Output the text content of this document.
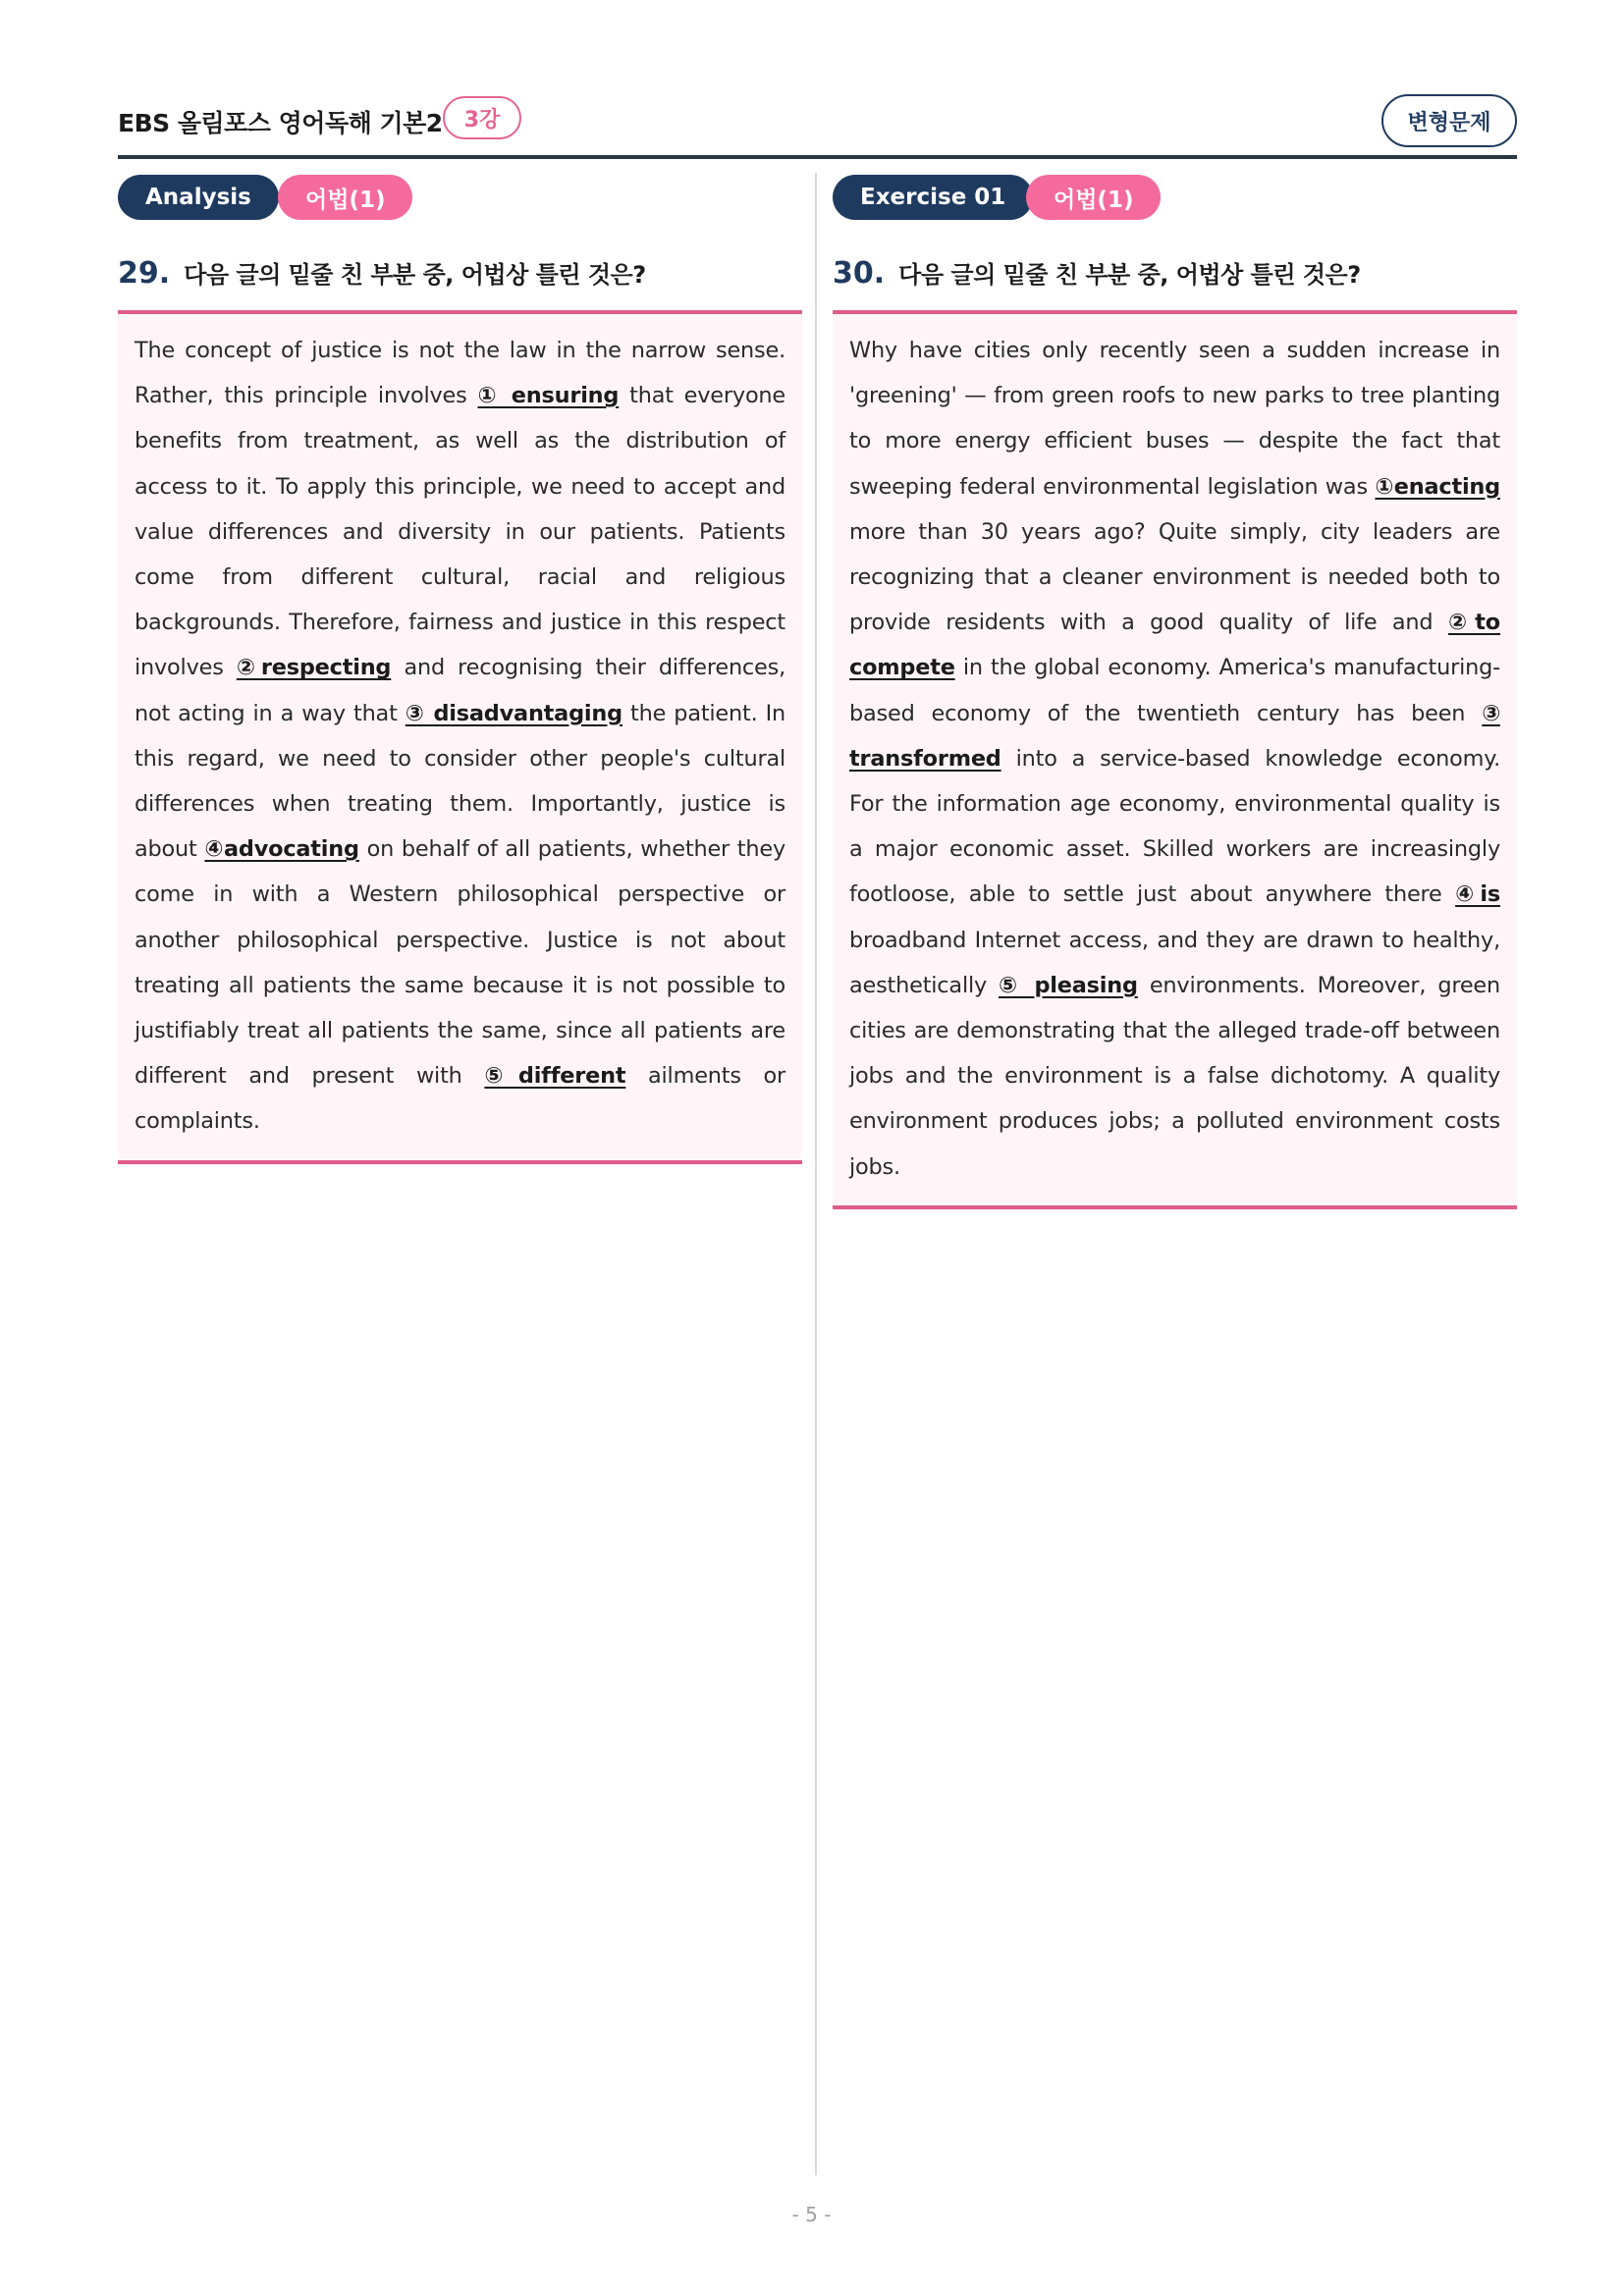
EBS 올림포스 영어독해 기본2	3강	변형문제
Analysis	어법(1)
29. 다음 글의 밑줄 친 부분 중, 어법상 틀린 것은?

The concept of justice is not the law in the narrow sense. Rather, this principle involves ① ensuring that everyone benefits from treatment, as well as the distribution of access to it. To apply this principle, we need to accept and value differences and diversity in our patients. Patients come from different cultural, racial and religious backgrounds. Therefore, fairness and justice in this respect involves ②respecting and recognising their differences, not acting in a way that ③ disadvantaging the patient. In this regard, we need to consider other people's cultural differences when treating them. Importantly, justice is about ④advocating on behalf of all patients, whether they come in with a Western philosophical perspective or another philosophical perspective. Justice is not about treating all patients the same because it is not possible to justifiably treat all patients the same, since all patients are different and present with ⑤different ailments or complaints.

Exercise 01	어법(1)
30. 다음 글의 밑줄 친 부분 중, 어법상 틀린 것은?

Why have cities only recently seen a sudden increase in 'greening' — from green roofs to new parks to tree planting to more energy efficient buses — despite the fact that sweeping federal environmental legislation was ①enacting more than 30 years ago? Quite simply, city leaders are recognizing that a cleaner environment is needed both to provide residents with a good quality of life and ②to compete in the global economy. America's manufacturing-based economy of the twentieth century has been ③ transformed into a service-based knowledge economy. For the information age economy, environmental quality is a major economic asset. Skilled workers are increasingly footloose, able to settle just about anywhere there ④is broadband Internet access, and they are drawn to healthy, aesthetically ⑤ pleasing environments. Moreover, green cities are demonstrating that the alleged trade-off between jobs and the environment is a false dichotomy. A quality environment produces jobs; a polluted environment costs jobs.

- 5 -
